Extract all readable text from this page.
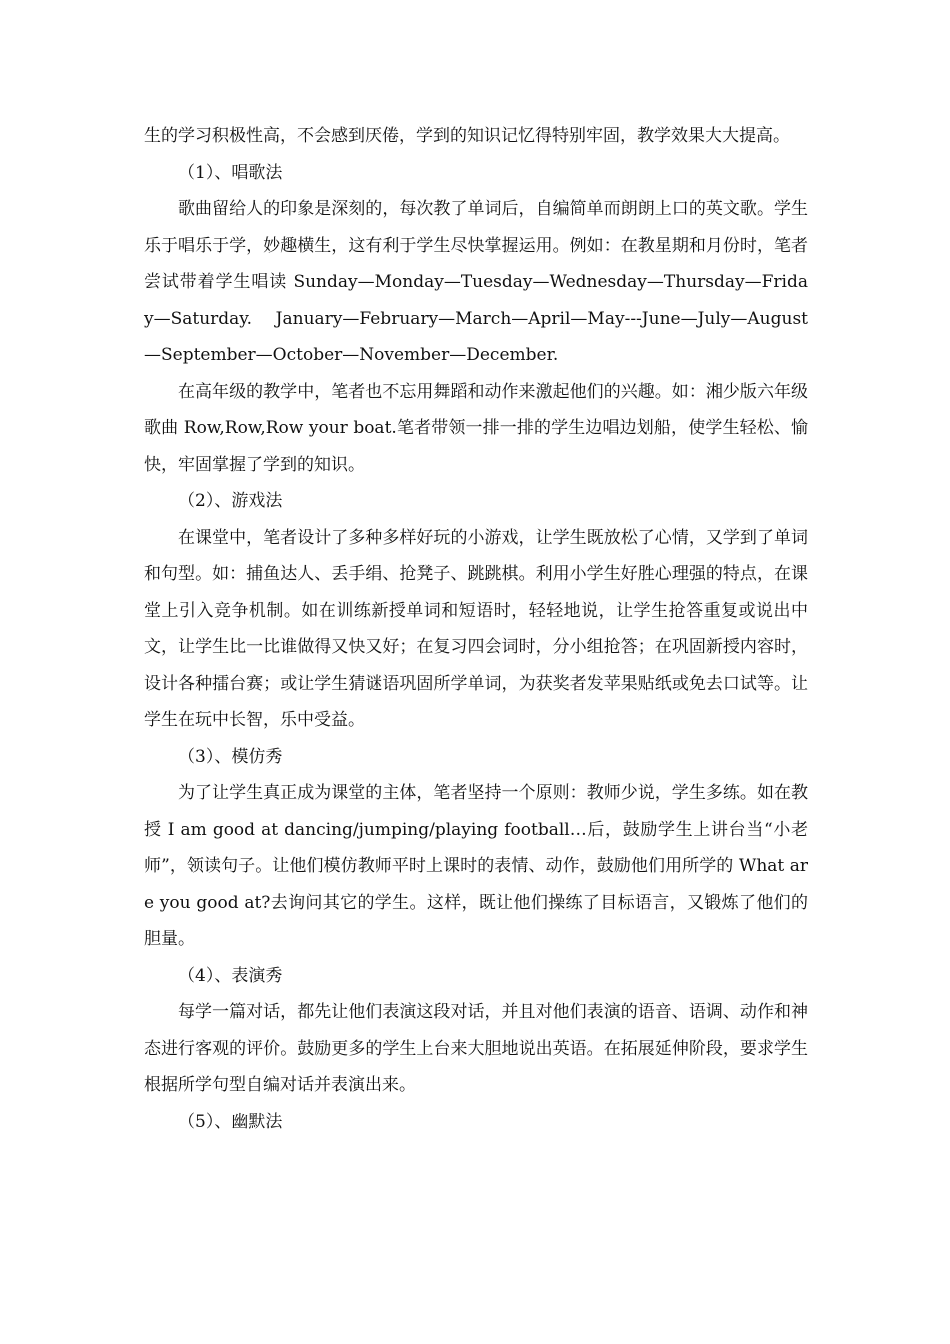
生的学习积极性高，不会感到厌倦，学到的知识记忆得特别牢固，教学效果大大提高。

（1）、唱歌法

歌曲留给人的印象是深刻的，每次教了单词后，自编简单而朗朗上口的英文歌。学生乐于唱乐于学，妙趣横生，这有利于学生尽快掌握运用。例如：在教星期和月份时，笔者尝试带着学生唱读 Sunday—Monday—Tuesday—Wednesday—Thursday—Friday—Saturday.　 January—February—March—April—May---June—July—August—September—October—November—December.

在高年级的教学中，笔者也不忘用舞蹈和动作来激起他们的兴趣。如：湘少版六年级歌曲 Row,Row,Row your boat.笔者带领一排一排的学生边唱边划船，使学生轻松、愉快，牢固掌握了学到的知识。

（2）、游戏法

在课堂中，笔者设计了多种多样好玩的小游戏，让学生既放松了心情，又学到了单词和句型。如：捕鱼达人、丢手绢、抢凳子、跳跳棋。利用小学生好胜心理强的特点，在课堂上引入竞争机制。如在训练新授单词和短语时，轻轻地说，让学生抢答重复或说出中文，让学生比一比谁做得又快又好；在复习四会词时，分小组抢答；在巩固新授内容时，设计各种擂台赛；或让学生猜谜语巩固所学单词，为获奖者发苹果贴纸或免去口试等。让学生在玩中长智，乐中受益。

（3）、模仿秀

为了让学生真正成为课堂的主体，笔者坚持一个原则：教师少说，学生多练。如在教授 I am good at dancing/jumping/playing football…后，鼓励学生上讲台当“小老师”，领读句子。让他们模仿教师平时上课时的表情、动作，鼓励他们用所学的 What are you good at?去询问其它的学生。这样，既让他们操练了目标语言，又锻炼了他们的胆量。

（4）、表演秀

每学一篇对话，都先让他们表演这段对话，并且对他们表演的语音、语调、动作和神态进行客观的评价。鼓励更多的学生上台来大胆地说出英语。在拓展延伸阶段，要求学生根据所学句型自编对话并表演出来。

（5）、幽默法
